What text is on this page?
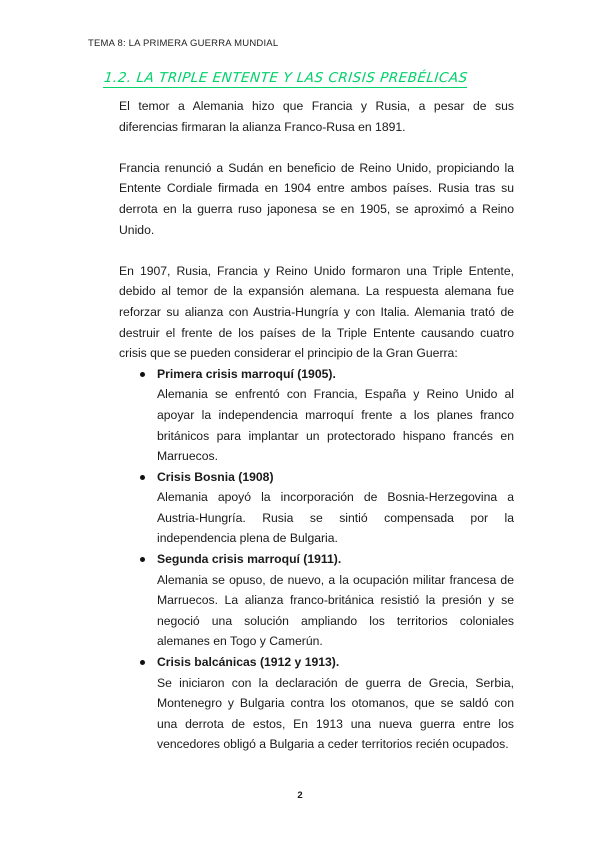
TEMA 8: LA PRIMERA GUERRA MUNDIAL
1.2. LA TRIPLE ENTENTE Y LAS CRISIS PREBÉLICAS

El temor a Alemania hizo que Francia y Rusia, a pesar de sus diferencias firmaran la alianza Franco-Rusa en 1891.

Francia renunció a Sudán en beneficio de Reino Unido, propiciando la Entente Cordiale firmada en 1904 entre ambos países. Rusia tras su derrota en la guerra ruso japonesa se en 1905, se aproximó a Reino Unido.

En 1907, Rusia, Francia y Reino Unido formaron una Triple Entente, debido al temor de la expansión alemana. La respuesta alemana fue reforzar su alianza con Austria-Hungría y con Italia. Alemania trató de destruir el frente de los países de la Triple Entente causando cuatro crisis que se pueden considerar el principio de la Gran Guerra:

Primera crisis marroquí (1905).
Alemania se enfrentó con Francia, España y Reino Unido al apoyar la independencia marroquí frente a los planes franco británicos para implantar un protectorado hispano francés en Marruecos.
Crisis Bosnia (1908)
Alemania apoyó la incorporación de Bosnia-Herzegovina a Austria-Hungría. Rusia se sintió compensada por la independencia plena de Bulgaria.
Segunda crisis marroquí (1911).
Alemania se opuso, de nuevo, a la ocupación militar francesa de Marruecos. La alianza franco-británica resistió la presión y se negoció una solución ampliando los territorios coloniales alemanes en Togo y Camerún.
Crisis balcánicas (1912 y 1913).
Se iniciaron con la declaración de guerra de Grecia, Serbia, Montenegro y Bulgaria contra los otomanos, que se saldó con una derrota de estos, En 1913 una nueva guerra entre los vencedores obligó a Bulgaria a ceder territorios recién ocupados.
2
